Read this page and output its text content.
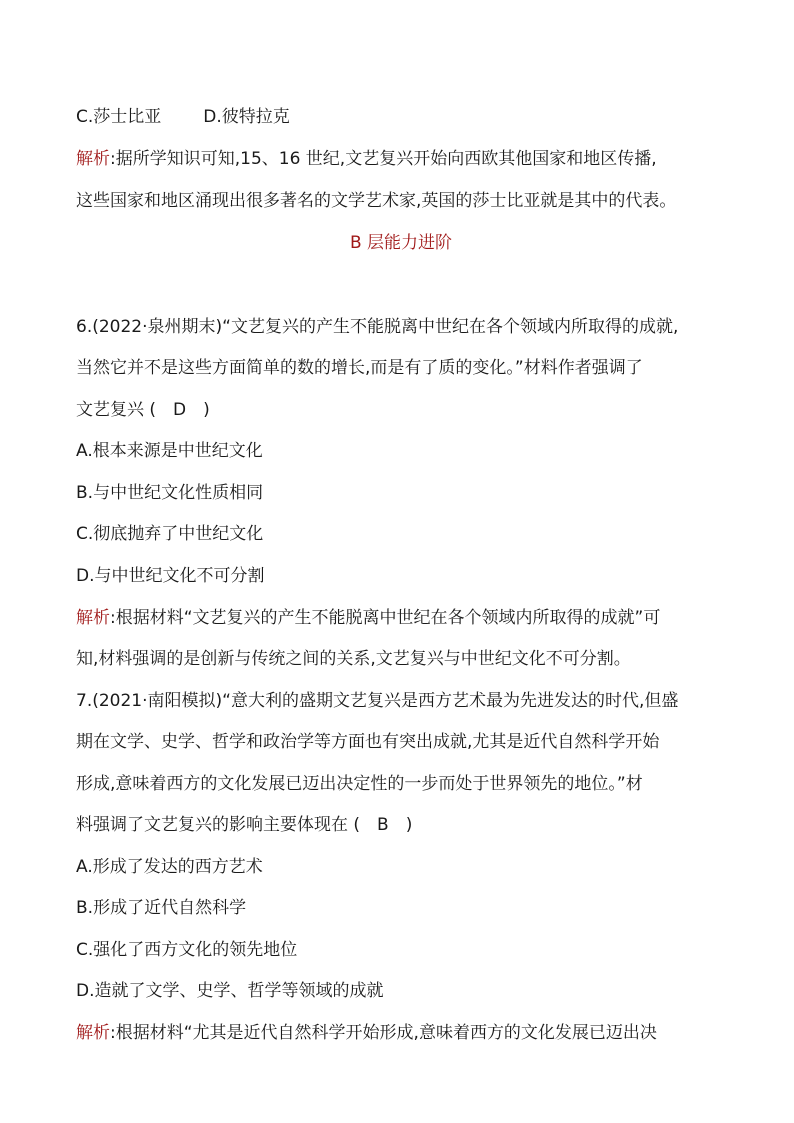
C.莎士比亚 D.彼特拉克
解析:据所学知识可知,15、16 世纪,文艺复兴开始向西欧其他国家和地区传播,
这些国家和地区涌现出很多著名的文学艺术家,英国的莎士比亚就是其中的代表。
B 层能力进阶
6.(2022·泉州期末)“文艺复兴的产生不能脱离中世纪在各个领域内所取得的成就,
当然它并不是这些方面简单的数的增长,而是有了质的变化。”材料作者强调了
文艺复兴 (　D　)
A.根本来源是中世纪文化
B.与中世纪文化性质相同
C.彻底抛弃了中世纪文化
D.与中世纪文化不可分割
解析:根据材料“文艺复兴的产生不能脱离中世纪在各个领域内所取得的成就”可
知,材料强调的是创新与传统之间的关系,文艺复兴与中世纪文化不可分割。
7.(2021·南阳模拟)“意大利的盛期文艺复兴是西方艺术最为先进发达的时代,但盛
期在文学、史学、哲学和政治学等方面也有突出成就,尤其是近代自然科学开始
形成,意味着西方的文化发展已迈出决定性的一步而处于世界领先的地位。”材
料强调了文艺复兴的影响主要体现在 (　B　)
A.形成了发达的西方艺术
B.形成了近代自然科学
C.强化了西方文化的领先地位
D.造就了文学、史学、哲学等领域的成就
解析:根据材料“尤其是近代自然科学开始形成,意味着西方的文化发展已迈出决
